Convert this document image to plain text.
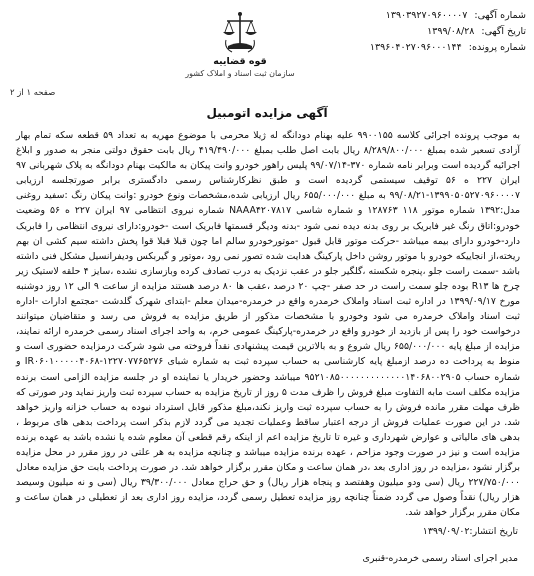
شماره آگهی: ۱۳۹۰۳۹۲۷۰۹۶۰۰۰۰۷
تاریخ آگهی: ۱۳۹۹/۰۸/۲۸
شماره پرونده: ۱۳۹۶۰۴۰۲۷۰۹۶۰۰۰۱۴۴
قوه قضاییه
سازمان ثبت اسناد و املاک کشور
صفحه ۱ از ۲
آگهی مزایده اتومبیل
به موجب پرونده اجرائی کلاسه ۹۹۰۰۱۵۵ علیه بهنام دودانگه له ژیلا محرمی با موضوع مهریه به تعداد ۵۹ قطعه سکه تمام بهار آزادی تسعیر شده بمبلغ ۸/۲۸۹/۸۰۰/۰۰۰ ریال بابت اصل طلب بمبلغ ۴۱۹/۴۹۰/۰۰۰ ریال بابت حقوق دولتی منجر به صدور و ابلاغ اجرائیه گردیده است وبرابر نامه شماره ۳۷۰-۹۹/۰۷/۱۴ پلیس راهور خودرو وانت پیکان به مالکیت بهنام دودانگه به پلاک شهربانی ۹۷ ایران ۲۲۷ ه ۵۶ توقیف سیستمی گردیده است و طبق نظرکارشناس رسمی دادگستری برابر صورتجلسه ارزیابی ۱۳۹۹۰۵۰۵۲۷۰۹۶۰۰۰۰۷-۹۹/۰۸/۲۱ به مبلغ ۶۵۵/۰۰۰/۰۰۰ ریال ارزیابی شده،مشخصات ونوع خودرو :وانت پیکان رنگ :سفید روغنی مدل:۱۳۹۲ شماره موتور ۱۱۸ ۱۲۸۷۶۳ و شماره شاسی NAAA۴۲۰۷۸۱۷ شماره نیروی انتظامی ۹۷ ایران ۲۲۷ ه ۵۶ وضعیت خودرو:اتاق رنگ غیر فابریک بر روی بدنه دیده نمی شود -بدنه ودیگر قسمتها فابریک است -خودرو:دارای نیروی انتظامی را فابریک دارد-خودرو دارای بیمه میباشد -حرکت موتور قابل قبول -موتورخودرو سالم اما چون قبلا قبلا قوا پخش داشته سیم کشی ان بهم ریخته،از انجاییکه خودرو با موتور روشن داخل پارکینگ هدایت شده تصور نمی رود ،موتور و گیربکس ودیفرانسیل مشکل فنی داشته باشد -سمت راست جلو ،پنجره شکسته ،گلگیر جلو در عقب نزدیک به درب تصادف کرده وبازسازی نشده ،سایز ۴ حلقه لاستیک زیر چرخ ها R۱۳ بوده جلو سمت راست در حد صفر -چپ ۲۰ درصد ،عقب ها ۸۰ درصد هستند مزایده از ساعت ۹ الی ۱۲ روز دوشنبه مورخ ۱۳۹۹/۰۹/۱۷ در اداره ثبت اسناد واملاک خرمدره واقع در خرمدره-میدان معلم -ابتدای شهرک گلدشت -مجتمع ادارات -اداره ثبت اسناد واملاک خرمدره می شود وخودرو با مشخصات مذکور از طریق مزایده به فروش می رسد و متقاضیان میتوانند درخواست خود را پس از بازدید از خودرو واقع در خرمدره-پارکینگ عمومی خرم، به واحد اجرای اسناد رسمی خرمدره ارائه نمایند، مزایده از مبلغ پایه ۶۵۵/۰۰۰/۰۰۰ ریال شروع و به بالاترین قیمت پیشنهادی نقداً فروخته می شود شرکت درمزایده حضوری است و منوط به پرداخت ده درصد ازمبلغ پایه کارشناسی به حساب سپرده ثبت به شماره شبای IR۰۶۰۱۰۰۰۰۰۴۰۶۸-۱۲۲۷۰۷۷۶۵۲۷۶ و شماره حساب ۹۵۲۱۰۸۵۰۰۰۰۰۰۰۰۰۰۰۰۰۱۴۰۶۸۰۰۲۹۰۵ میباشد وحضور خریدار یا نماینده او در جلسه مزایده الزامی است برنده مزایده مکلف است مابه التفاوت مبلغ فروش را ظرف مدت ۵ روز از تاریخ مزایده به حساب سپرده ثبت واریز نماید ودر صورتی که ظرف مهلت مقرر مانده فروش را به حساب سپرده ثبت واریز نکند،مبلغ مذکور قابل استرداد نبوده به حساب خزانه واریز خواهد شد. در این صورت عملیات فروش از درجه اعتبار ساقط وعملیات تجدید می گردد لازم بذکر است پرداخت بدهی های مربوط ، بدهی های مالیاتی و عوارض شهرداری و غیره تا تاریخ مزایده اعم از اینکه رقم قطعی آن معلوم شده یا نشده باشد به عهده برنده مزایده است و نیز در صورت وجود مزاحم ، عهده برنده مزایده میباشد و چنانچه مزایده به هر علتی در روز مقرر در محل مزایده برگزار نشود ،مزایده در روز اداری بعد ،در همان ساعت و مکان مقرر برگزار خواهد شد. در صورت پرداخت بابت حق مزایده معادل ۲۲۷/۷۵۰/۰۰۰ ریال (سی ودو میلیون وهفتصد و پنجاه هزار ریال) و حق حراج معادل ۳۹/۳۰۰/۰۰۰ ریال (سی و نه میلیون وسیصد هزار ریال) نقداً وصول می گردد ضمناً چنانچه روز مزایده تعطیل رسمی گردد، مزایده روز اداری بعد از تعطیلی در همان ساعت و مکان مقرر برگزار خواهد شد.
تاریخ انتشار:۱۳۹۹/۰۹/۰۲
مدیر اجرای اسناد رسمی خرمدره-قنبری
